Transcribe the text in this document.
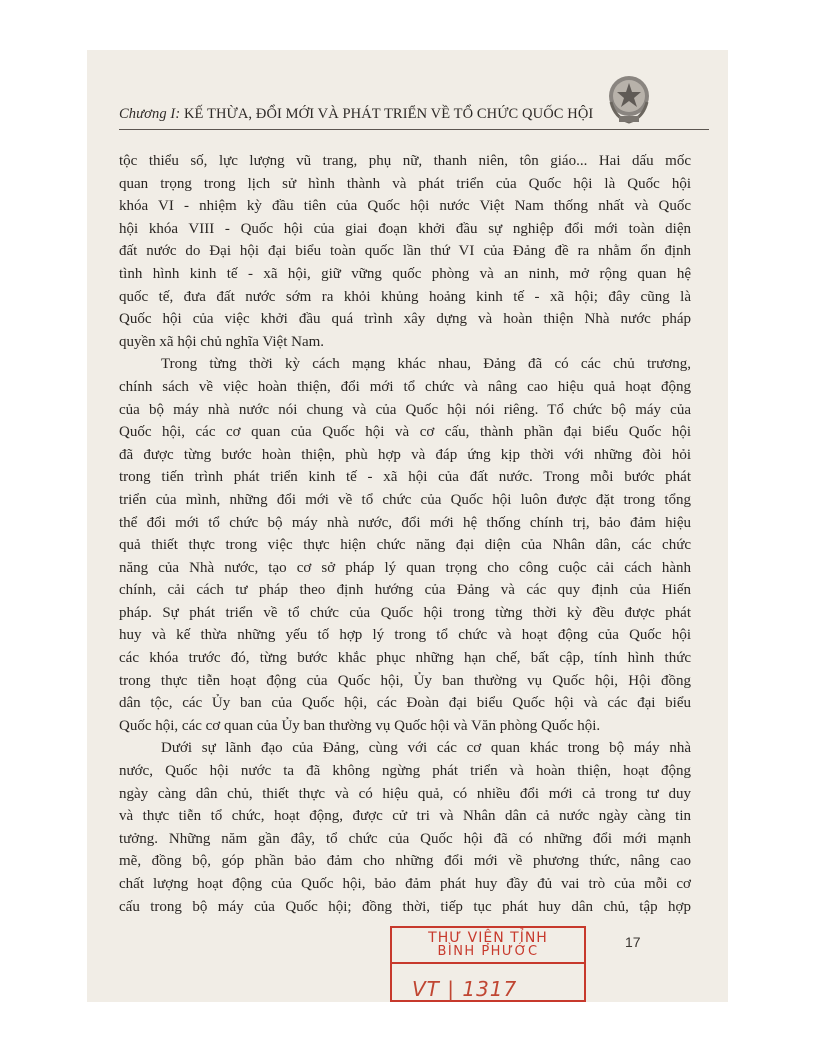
Chương I: KẾ THỪA, ĐỔI MỚI VÀ PHÁT TRIỂN VỀ TỔ CHỨC QUỐC HỘI
tộc thiểu số, lực lượng vũ trang, phụ nữ, thanh niên, tôn giáo... Hai dấu mốc
quan trọng trong lịch sử hình thành và phát triển của Quốc hội là Quốc hội
khóa VI - nhiệm kỳ đầu tiên của Quốc hội nước Việt Nam thống nhất và Quốc
hội khóa VIII - Quốc hội của giai đoạn khởi đầu sự nghiệp đổi mới toàn diện
đất nước do Đại hội đại biểu toàn quốc lần thứ VI của Đảng đề ra nhằm ổn định
tình hình kinh tế - xã hội, giữ vững quốc phòng và an ninh, mở rộng quan hệ
quốc tế, đưa đất nước sớm ra khỏi khủng hoảng kinh tế - xã hội; đây cũng là
Quốc hội của việc khởi đầu quá trình xây dựng và hoàn thiện Nhà nước pháp
quyền xã hội chủ nghĩa Việt Nam.
Trong từng thời kỳ cách mạng khác nhau, Đảng đã có các chủ trương,
chính sách về việc hoàn thiện, đổi mới tổ chức và nâng cao hiệu quả hoạt động
của bộ máy nhà nước nói chung và của Quốc hội nói riêng. Tổ chức bộ máy của
Quốc hội, các cơ quan của Quốc hội và cơ cấu, thành phần đại biểu Quốc hội
đã được từng bước hoàn thiện, phù hợp và đáp ứng kịp thời với những đòi hỏi
trong tiến trình phát triển kinh tế - xã hội của đất nước. Trong mỗi bước phát
triển của mình, những đổi mới về tổ chức của Quốc hội luôn được đặt trong tổng
thể đổi mới tổ chức bộ máy nhà nước, đổi mới hệ thống chính trị, bảo đảm hiệu
quả thiết thực trong việc thực hiện chức năng đại diện của Nhân dân, các chức
năng của Nhà nước, tạo cơ sở pháp lý quan trọng cho công cuộc cải cách hành
chính, cải cách tư pháp theo định hướng của Đảng và các quy định của Hiến
pháp. Sự phát triển về tổ chức của Quốc hội trong từng thời kỳ đều được phát
huy và kế thừa những yếu tố hợp lý trong tổ chức và hoạt động của Quốc hội
các khóa trước đó, từng bước khắc phục những hạn chế, bất cập, tính hình thức
trong thực tiễn hoạt động của Quốc hội, Ủy ban thường vụ Quốc hội, Hội đồng
dân tộc, các Ủy ban của Quốc hội, các Đoàn đại biểu Quốc hội và các đại biểu
Quốc hội, các cơ quan của Ủy ban thường vụ Quốc hội và Văn phòng Quốc hội.
Dưới sự lãnh đạo của Đảng, cùng với các cơ quan khác trong bộ máy nhà
nước, Quốc hội nước ta đã không ngừng phát triển và hoàn thiện, hoạt động
ngày càng dân chủ, thiết thực và có hiệu quả, có nhiều đổi mới cả trong tư duy
và thực tiễn tổ chức, hoạt động, được cử tri và Nhân dân cả nước ngày càng tin
tưởng. Những năm gần đây, tổ chức của Quốc hội đã có những đổi mới mạnh
mẽ, đồng bộ, góp phần bảo đảm cho những đổi mới về phương thức, nâng cao
chất lượng hoạt động của Quốc hội, bảo đảm phát huy đầy đủ vai trò của mỗi cơ
cấu trong bộ máy của Quốc hội; đồng thời, tiếp tục phát huy dân chủ, tập hợp
THƯ VIỆN TỈNH
BÌNH PHƯỚC
VT | 1317
17
